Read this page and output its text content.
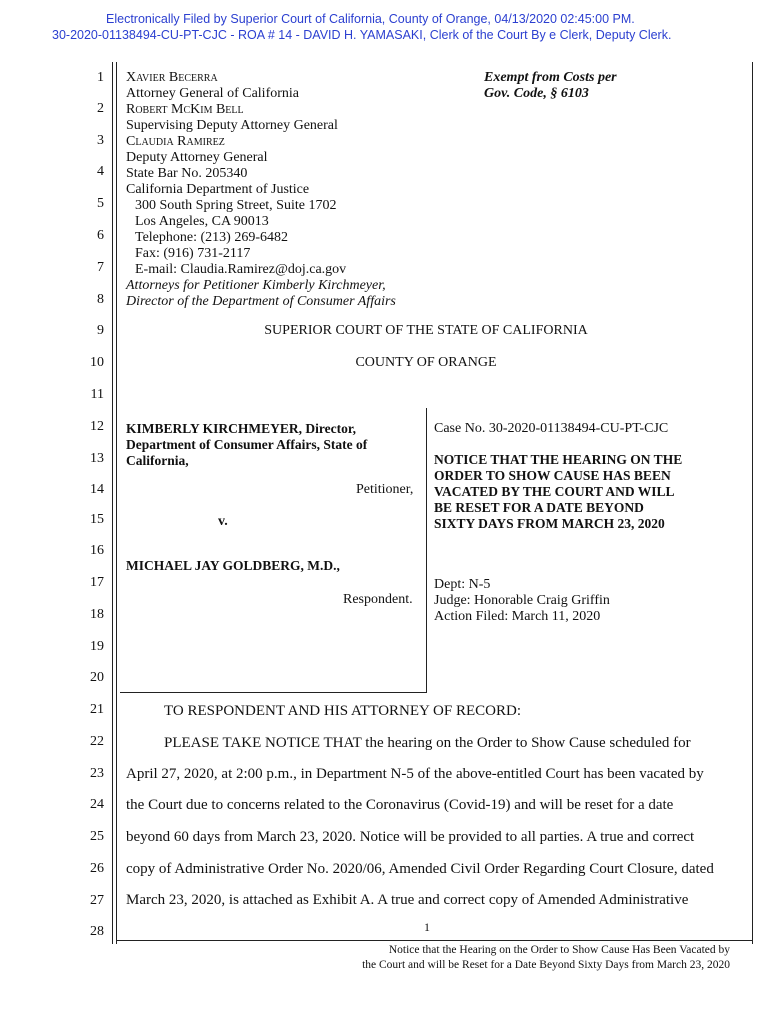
Electronically Filed by Superior Court of California, County of Orange, 04/13/2020 02:45:00 PM.
30-2020-01138494-CU-PT-CJC - ROA # 14 - DAVID H. YAMASAKI, Clerk of the Court By e Clerk, Deputy Clerk.
1
2
3
4
5
6
7
8
9
10
11
12
13
14
15
16
17
18
19
20
21
22
23
24
25
26
27
28
Xavier Becerra
Attorney General of California
Robert McKim Bell
Supervising Deputy Attorney General
Claudia Ramirez
Deputy Attorney General
State Bar No. 205340
California Department of Justice
300 South Spring Street, Suite 1702
Los Angeles, CA 90013
Telephone: (213) 269-6482
Fax: (916) 731-2117
E-mail: Claudia.Ramirez@doj.ca.gov
Attorneys for Petitioner Kimberly Kirchmeyer,
Director of the Department of Consumer Affairs
Exempt from Costs per
Gov. Code, § 6103
SUPERIOR COURT OF THE STATE OF CALIFORNIA
COUNTY OF ORANGE
KIMBERLY KIRCHMEYER, Director,
Department of Consumer Affairs, State of
California,
Petitioner,
v.
MICHAEL JAY GOLDBERG, M.D.,
Respondent.
Case No. 30-2020-01138494-CU-PT-CJC
NOTICE THAT THE HEARING ON THE
ORDER TO SHOW CAUSE HAS BEEN
VACATED BY THE COURT AND WILL
BE RESET FOR A DATE BEYOND
SIXTY DAYS FROM MARCH 23, 2020
Dept: N-5
Judge: Honorable Craig Griffin
Action Filed: March 11, 2020
TO RESPONDENT AND HIS ATTORNEY OF RECORD:
PLEASE TAKE NOTICE THAT the hearing on the Order to Show Cause scheduled for
April 27, 2020, at 2:00 p.m., in Department N-5 of the above-entitled Court has been vacated by
the Court due to concerns related to the Coronavirus (Covid-19) and will be reset for a date
beyond 60 days from March 23, 2020. Notice will be provided to all parties. A true and correct
copy of Administrative Order No. 2020/06, Amended Civil Order Regarding Court Closure, dated
March 23, 2020, is attached as Exhibit A. A true and correct copy of Amended Administrative
1
Notice that the Hearing on the Order to Show Cause Has Been Vacated by
the Court and will be Reset for a Date Beyond Sixty Days from March 23, 2020
